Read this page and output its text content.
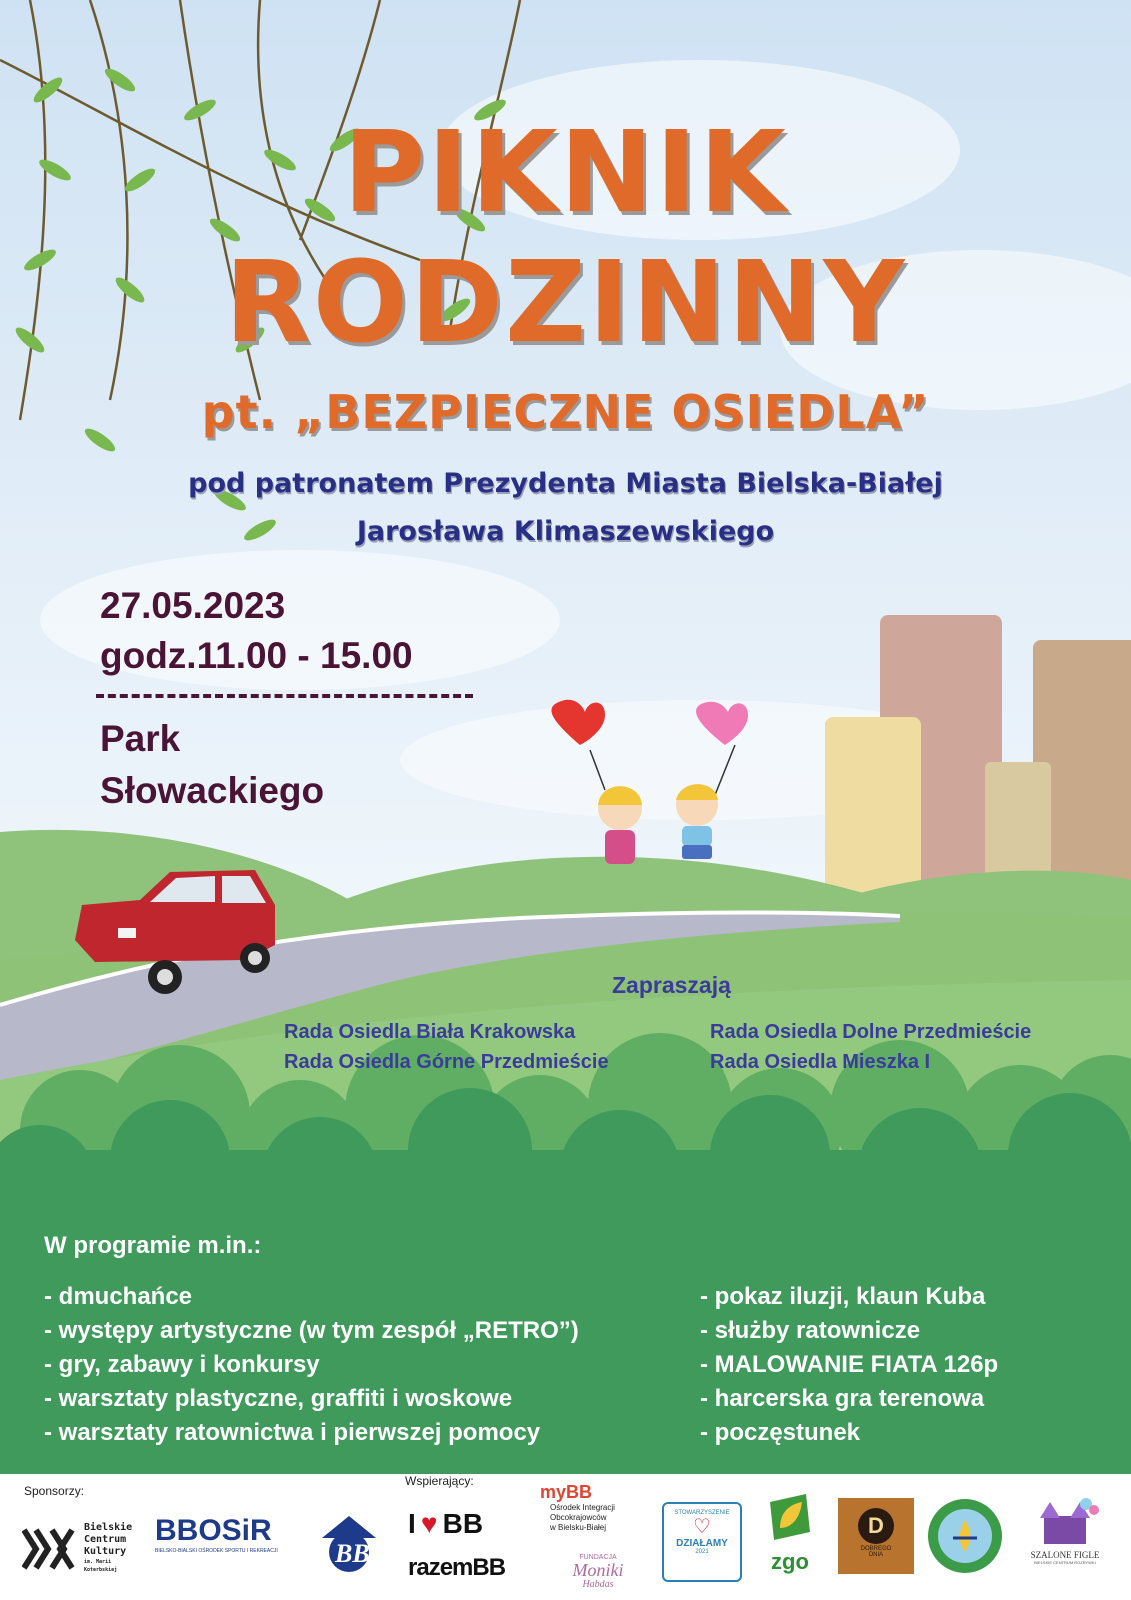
PIKNIK
RODZINNY
pt. „BEZPIECZNE OSIEDLA”

pod patronatem Prezydenta Miasta Bielska-Białej

Jarosława Klimaszewskiego

27.05.2023

godz.11.00 - 15.00

Park

Słowackiego

Zapraszają

Rada Osiedla Biała Krakowska

Rada Osiedla Górne Przedmieście

Rada Osiedla Dolne Przedmieście

Rada Osiedla Mieszka I

W programie m.in.:

- dmuchańce
- występy artystyczne (w tym zespół „RETRO”)
- gry, zabawy i konkursy
- warsztaty plastyczne, graffiti i woskowe
- warsztaty ratownictwa i pierwszej pomocy
- pokaz iluzji, klaun Kuba
- służby ratownicze
- MALOWANIE FIATA 126p
- harcerska gra terenowa
- poczęstunek

Sponsorzy:

Wspierający:

Bielskie
Centrum
Kultury
im. Marii Koterbskiej
BBOSiR
BIELSKO-BIALSKI OŚRODEK SPORTU I REKREACJI	BB
I ♥ BB
razemBB
myBB
Ośrodek Integracji
Obcokrajowców
w Bielsku-Białej
FUNDACJA
Moniki
Habdas
STOWARZYSZENIE
♡
DZIAŁAMY
2021	zgo
D
DOBREGO
DNIA	SZALONE FIGLE
BIELSKIE CENTRUM ROZRYWKI
